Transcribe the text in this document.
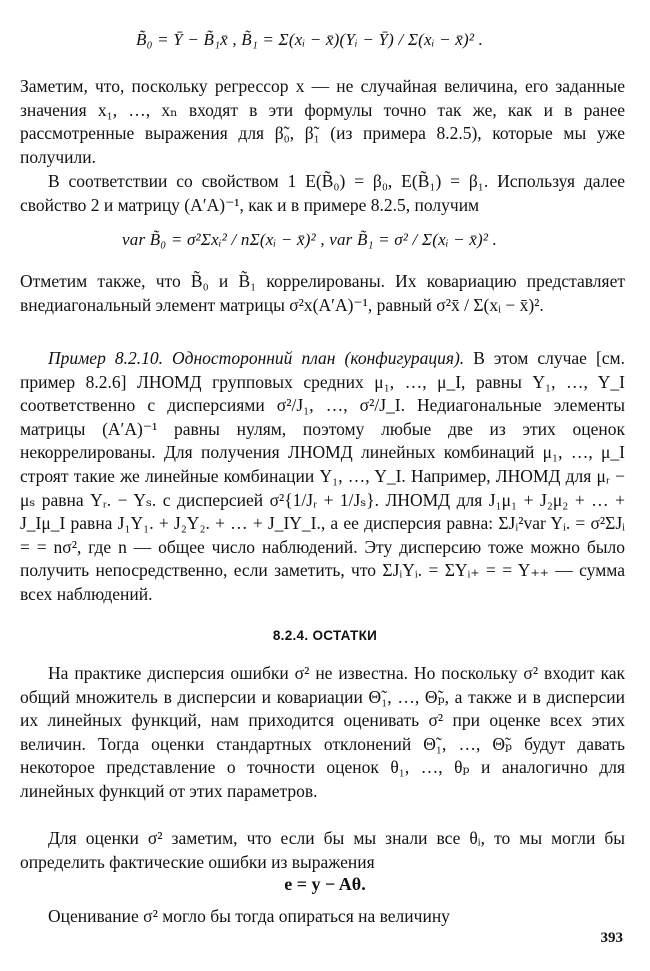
B̃₀ = Ȳ − B̃₁x̄ , B̃₁ = Σ(xᵢ − x̄)(Yᵢ − Ȳ) / Σ(xᵢ − x̄)² .

Заметим, что, поскольку регрессор x — не случайная величина, его заданные значения x₁, …, xₙ входят в эти формулы точно так же, как и в ранее рассмотренные выражения для β̃₀, β̃₁ (из примера 8.2.5), которые мы уже получили.

В соответствии со свойством 1 E(B̃₀) = β₀, E(B̃₁) = β₁. Используя далее свойство 2 и матрицу (A′A)⁻¹, как и в примере 8.2.5, получим

var B̃₀ = σ²Σxᵢ² / nΣ(xᵢ − x̄)² , var B̃₁ = σ² / Σ(xᵢ − x̄)² .

Отметим также, что B̃₀ и B̃₁ коррелированы. Их ковариацию представляет внедиагональный элемент матрицы σ²x(A′A)⁻¹, равный σ²x̄ / Σ(xᵢ − x̄)².

Пример 8.2.10. Односторонний план (конфигурация). В этом случае [см. пример 8.2.6] ЛНОМД групповых средних μ₁, …, μ_I, равны Y₁, …, Y_I соответственно с дисперсиями σ²/J₁, …, σ²/J_I. Недиагональные элементы матрицы (A′A)⁻¹ равны нулям, поэтому любые две из этих оценок некоррелированы. Для получения ЛНОМД линейных комбинаций μ₁, …, μ_I строят такие же линейные комбинации Y₁, …, Y_I. Например, ЛНОМД для μᵣ − μₛ равна Yᵣ. − Yₛ. с дисперсией σ²{1/Jᵣ + 1/Jₛ}. ЛНОМД для J₁μ₁ + J₂μ₂ + … + J_Iμ_I равна J₁Y₁. + J₂Y₂. + … + J_IY_I., а ее дисперсия равна: ΣJᵢ²var Yᵢ. = σ²ΣJᵢ = = nσ², где n — общее число наблюдений. Эту дисперсию тоже можно было получить непосредственно, если заметить, что ΣJᵢYᵢ. = ΣYᵢ₊ = = Y₊₊ — сумма всех наблюдений.

8.2.4. ОСТАТКИ

На практике дисперсия ошибки σ² не известна. Но поскольку σ² входит как общий множитель в дисперсии и ковариации Θ̃₁, …, Θ̃ₚ, а также и в дисперсии их линейных функций, нам приходится оценивать σ² при оценке всех этих величин. Тогда оценки стандартных отклонений Θ̃₁, …, Θ̃ₚ будут давать некоторое представление о точности оценок θ₁, …, θₚ и аналогично для линейных функций от этих параметров.

Для оценки σ² заметим, что если бы мы знали все θᵢ, то мы могли бы определить фактические ошибки из выражения

e = y − Aθ.

Оценивание σ² могло бы тогда опираться на величину

393
